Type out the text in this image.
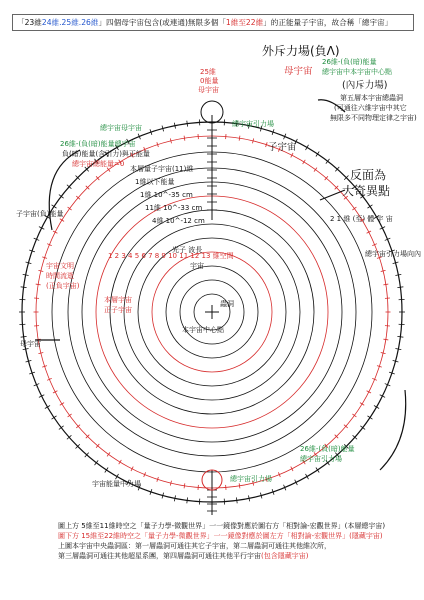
「23維24維.25維.26維」四個母宇宙包含(或連通)無限多個「1維至22維」的正能量子宇宙，故合稱「總宇宙」
外斥力場(負Λ)
母宇宙
26維-(負(暗)能量
總宇宙中本宇宙中心點
(內斥力場)
第五層本宇宙總蟲洞
(可通往六維宇宙中其它
無限多不同物理定律之宇宙)
子宇宙
反面為
大奇異點
25維
0能量
母宇宙
總宇宙引力場
總宇宙母宇宙
26維-(負(暗)能量總宇宙
負(暗)能量(含引力)與正能量
總宇宙總能量=0
本層量子宇宙(11)維
1維以下能量
1維 10^-35 cm
11維 10^-33 cm
4維 10^-12 cm
光子 波長
宇宙
蟲洞
本宇宙中心點
本層宇宙
正子宇宙
宇宙文明
時間流逝
(正負宇宙)
1 2 3 4 5 6 7 8 9 10 11 12 13 維空間
母宇宙
子宇宙(負)能量
總宇宙引力場向內
2 1 維 (至) 體 宇 宙
26維-(負(暗)能量
總宇宙引力場
總宇宙引力場
宇宙能量中力場
圖上方 5維至11維時空之「量子力學-微觀世界」一一鏡像對應於圖右方「相對論-宏觀世界」(本層總宇宙)
圖下方 15維至22維時空之「量子力學-微觀世界」一一鏡像對應於圖左方「相對論-宏觀世界」(隱藏宇宙)
上圖本宇宙中央蟲洞區：第一層蟲洞可通往其它子宇宙，第二層蟲洞可通往其他維次所，
第三層蟲洞可通往其他超星系團，第四層蟲洞可通往其他平行宇宙(包含隱藏宇宙)
